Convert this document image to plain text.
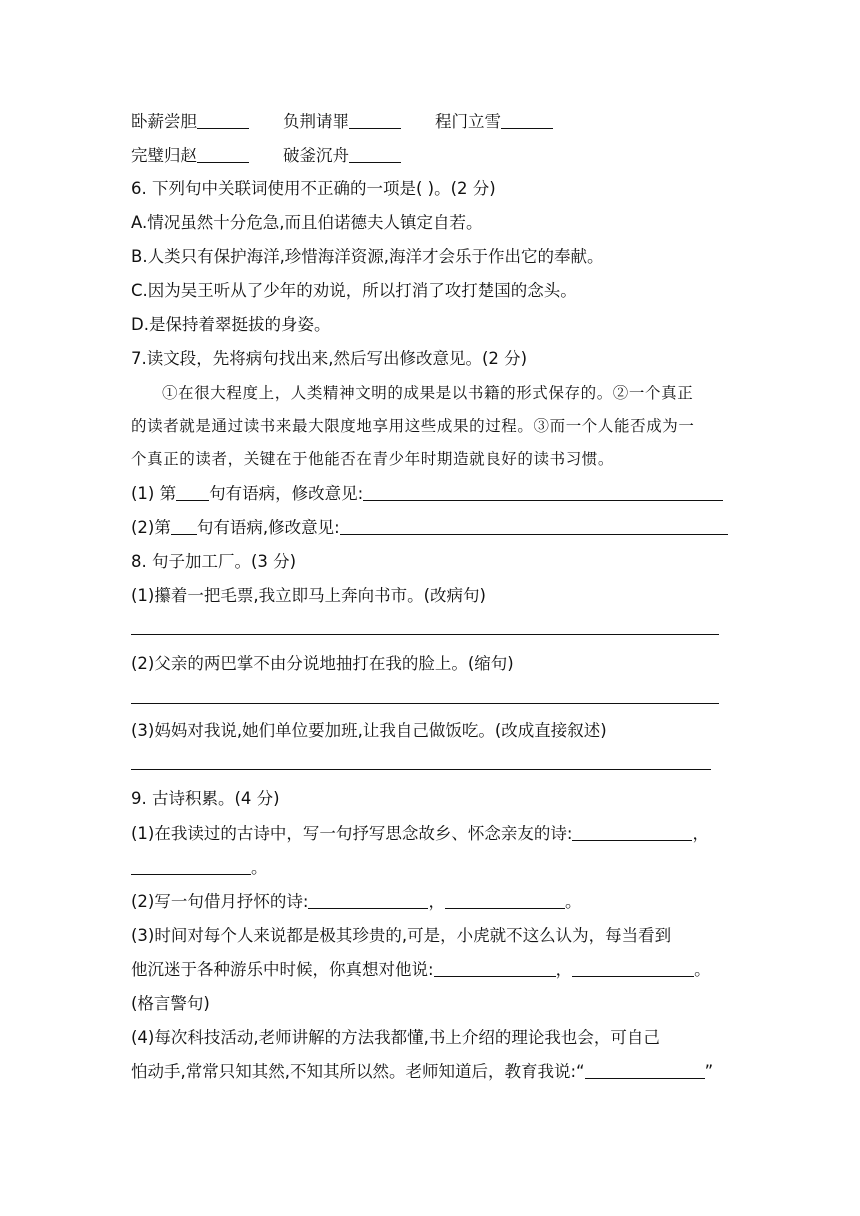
卧薪尝胆	负荆请罪	程门立雪
完璧归赵	破釜沉舟
6. 下列句中关联词使用不正确的一项是( )。(2 分)
A.情况虽然十分危急,而且伯诺德夫人镇定自若。
B.人类只有保护海洋,珍惜海洋资源,海洋才会乐于作出它的奉献。
C.因为吴王听从了少年的劝说，所以打消了攻打楚国的念头。
D.是保持着翠挺拔的身姿。
7.读文段，先将病句找出来,然后写出修改意见。(2 分)
①在很大程度上，人类精神文明的成果是以书籍的形式保存的。②一个真正
的读者就是通过读书来最大限度地享用这些成果的过程。③而一个人能否成为一
个真正的读者，关键在于他能否在青少年时期造就良好的读书习惯。
(1) 第 句有语病，修改意见:
(2)第 句有语病,修改意见:
8. 句子加工厂。(3 分)
(1)攥着一把毛票,我立即马上奔向书市。(改病句)
(2)父亲的两巴掌不由分说地抽打在我的脸上。(缩句)
(3)妈妈对我说,她们单位要加班,让我自己做饭吃。(改成直接叙述)
9. 古诗积累。(4 分)
(1)在我读过的古诗中，写一句抒写思念故乡、怀念亲友的诗:	，
。
(2)写一句借月抒怀的诗:	，	。
(3)时间对每个人来说都是极其珍贵的,可是，小虎就不这么认为，每当看到
他沉迷于各种游乐中时候，你真想对他说:	，	。
(格言警句)
(4)每次科技活动,老师讲解的方法我都懂,书上介绍的理论我也会，可自己
怕动手,常常只知其然,不知其所以然。老师知道后，教育我说:“	”
